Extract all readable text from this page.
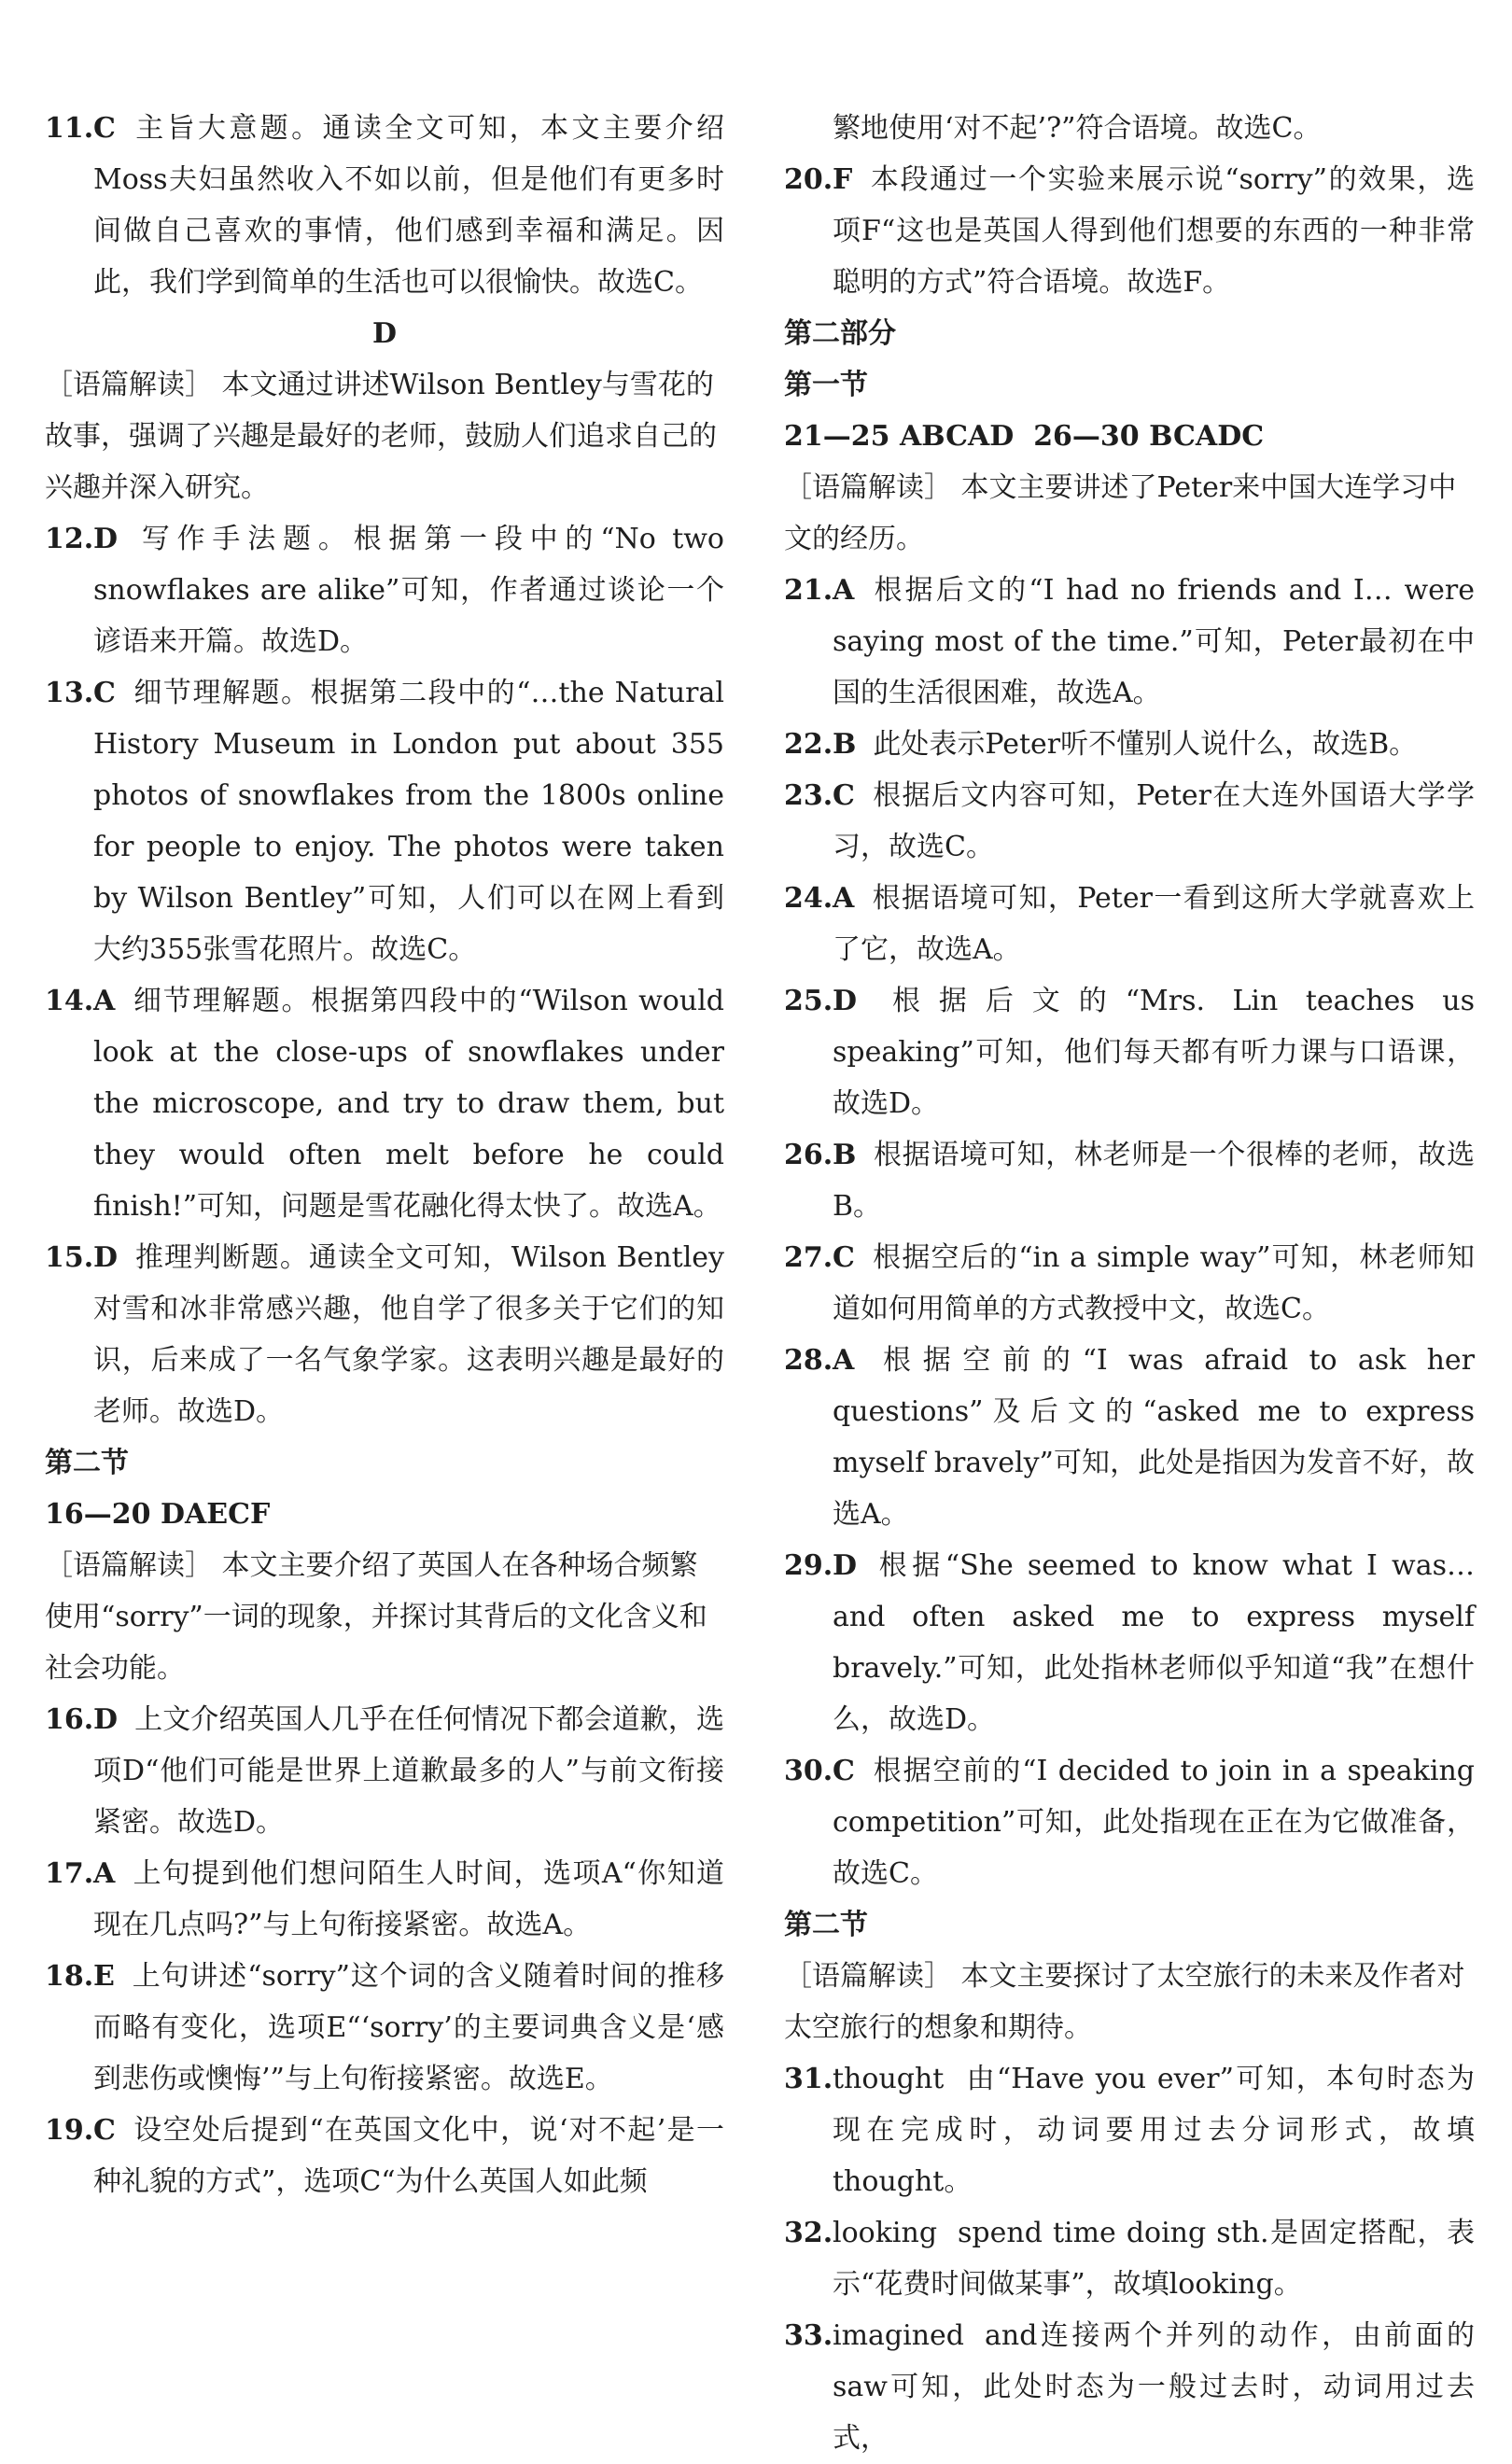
11.C 主旨大意题。通读全文可知，本文主要介绍Moss夫妇虽然收入不如以前，但是他们有更多时间做自己喜欢的事情，他们感到幸福和满足。因此，我们学到简单的生活也可以很愉快。故选C。
D
［语篇解读］ 本文通过讲述Wilson Bentley与雪花的故事，强调了兴趣是最好的老师，鼓励人们追求自己的兴趣并深入研究。
12.D 写作手法题。根据第一段中的“No two snowflakes are alike”可知，作者通过谈论一个谚语来开篇。故选D。
13.C 细节理解题。根据第二段中的“…the Natural History Museum in London put about 355 photos of snowflakes from the 1800s online for people to enjoy. The photos were taken by Wilson Bentley”可知，人们可以在网上看到大约355张雪花照片。故选C。
14.A 细节理解题。根据第四段中的“Wilson would look at the close-ups of snowflakes under the microscope, and try to draw them, but they would often melt before he could finish!”可知，问题是雪花融化得太快了。故选A。
15.D 推理判断题。通读全文可知，Wilson Bentley对雪和冰非常感兴趣，他自学了很多关于它们的知识，后来成了一名气象学家。这表明兴趣是最好的老师。故选D。
第二节
16—20 DAECF
［语篇解读］ 本文主要介绍了英国人在各种场合频繁使用“sorry”一词的现象，并探讨其背后的文化含义和社会功能。
16.D 上文介绍英国人几乎在任何情况下都会道歉，选项D“他们可能是世界上道歉最多的人”与前文衔接紧密。故选D。
17.A 上句提到他们想问陌生人时间，选项A“你知道现在几点吗?”与上句衔接紧密。故选A。
18.E 上句讲述“sorry”这个词的含义随着时间的推移而略有变化，选项E“‘sorry’的主要词典含义是‘感到悲伤或懊悔’”与上句衔接紧密。故选E。
19.C 设空处后提到“在英国文化中，说‘对不起’是一种礼貌的方式”，选项C“为什么英国人如此频
繁地使用‘对不起’?”符合语境。故选C。
20.F 本段通过一个实验来展示说“sorry”的效果，选项F“这也是英国人得到他们想要的东西的一种非常聪明的方式”符合语境。故选F。
第二部分
第一节
21—25 ABCAD  26—30 BCADC
［语篇解读］ 本文主要讲述了Peter来中国大连学习中文的经历。
21.A 根据后文的“I had no friends and I… were saying most of the time.”可知，Peter最初在中国的生活很困难，故选A。
22.B 此处表示Peter听不懂别人说什么，故选B。
23.C 根据后文内容可知，Peter在大连外国语大学学习，故选C。
24.A 根据语境可知，Peter一看到这所大学就喜欢上了它，故选A。
25.D 根据后文的“Mrs. Lin teaches us speaking”可知，他们每天都有听力课与口语课，故选D。
26.B 根据语境可知，林老师是一个很棒的老师，故选B。
27.C 根据空后的“in a simple way”可知，林老师知道如何用简单的方式教授中文，故选C。
28.A 根据空前的“I was afraid to ask her questions”及后文的“asked me to express myself bravely”可知，此处是指因为发音不好，故选A。
29.D 根据“She seemed to know what I was… and often asked me to express myself bravely.”可知，此处指林老师似乎知道“我”在想什么，故选D。
30.C 根据空前的“I decided to join in a speaking competition”可知，此处指现在正在为它做准备，故选C。
第二节
［语篇解读］ 本文主要探讨了太空旅行的未来及作者对太空旅行的想象和期待。
31.thought 由“Have you ever”可知，本句时态为现在完成时，动词要用过去分词形式，故填thought。
32.looking spend time doing sth.是固定搭配，表示“花费时间做某事”，故填looking。
33.imagined and连接两个并列的动作，由前面的saw可知，此处时态为一般过去时，动词用过去式，
